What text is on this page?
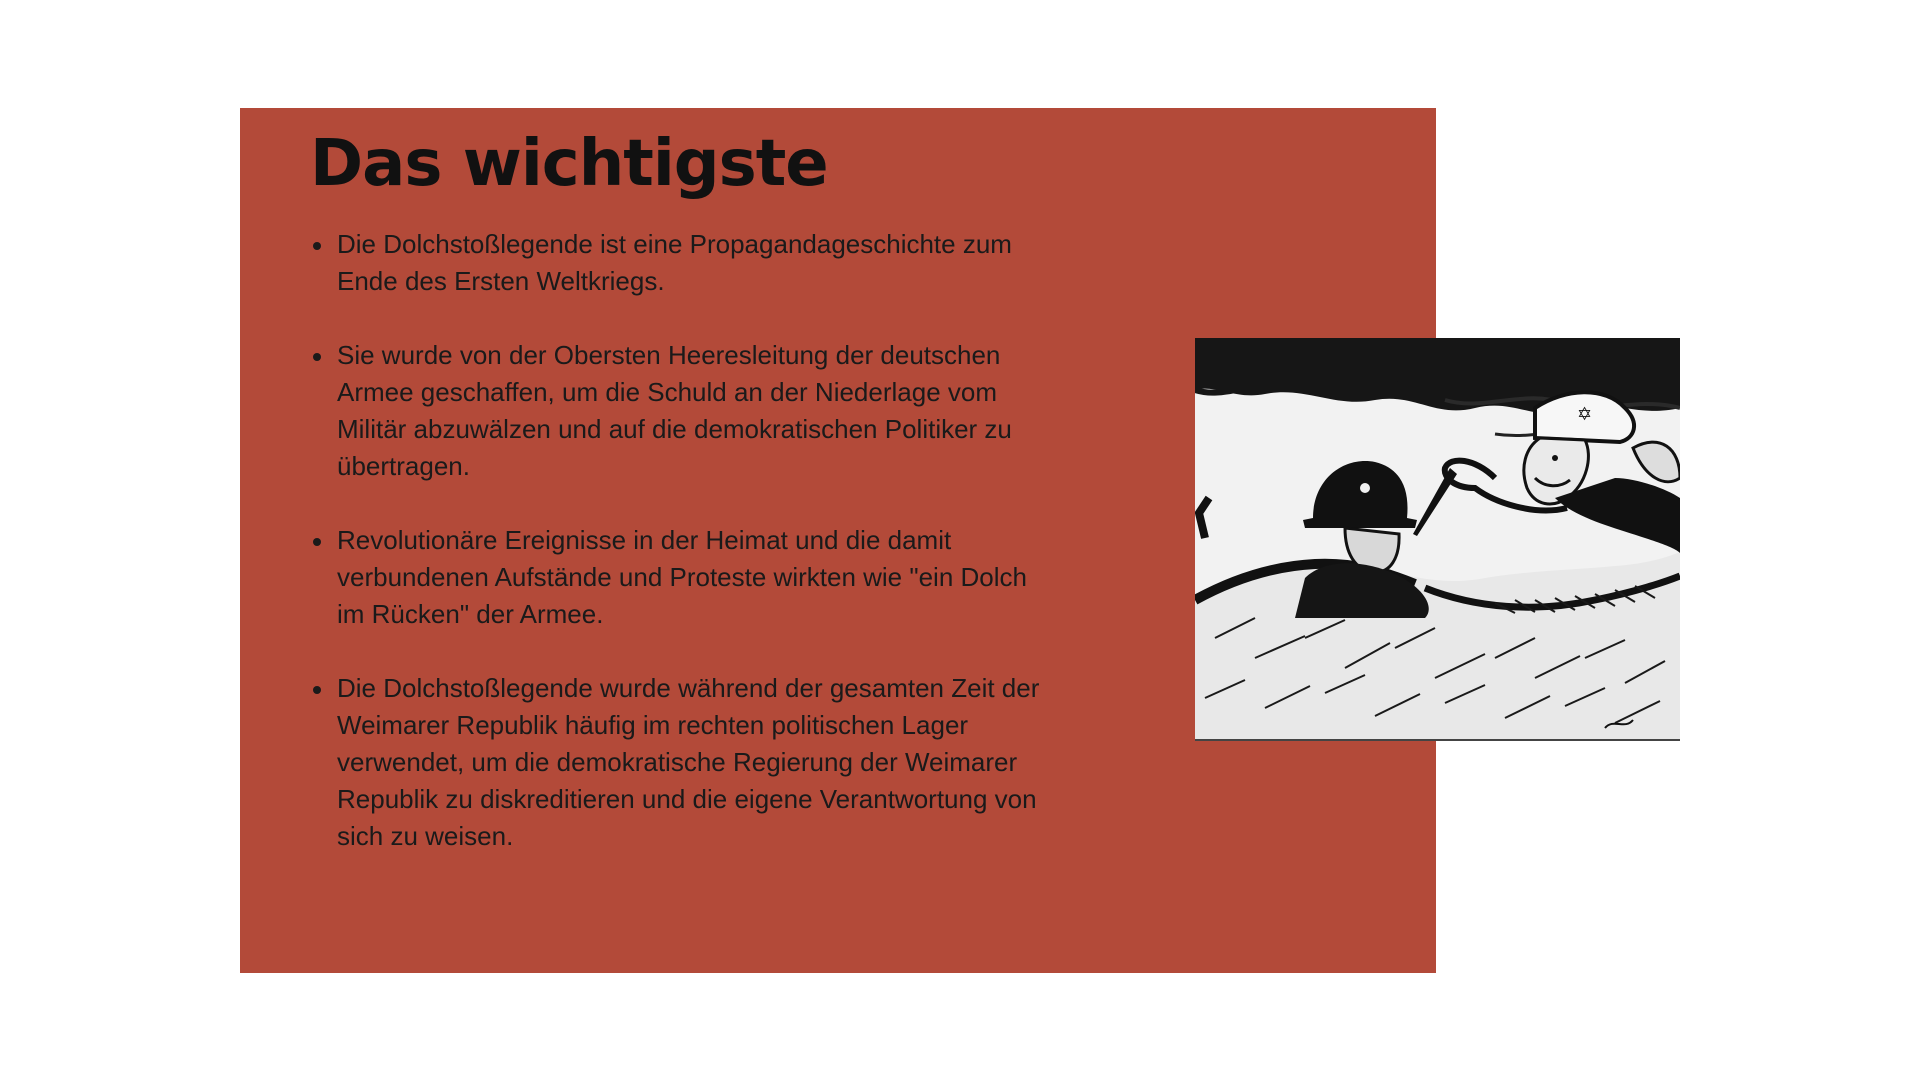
Das wichtigste
Die Dolchstoßlegende ist eine Propagandageschichte zum Ende des Ersten Weltkriegs.
Sie wurde von der Obersten Heeresleitung der deutschen Armee geschaffen, um die Schuld an der Niederlage vom Militär abzuwälzen und auf die demokratischen Politiker zu übertragen.
Revolutionäre Ereignisse in der Heimat und die damit verbundenen Aufstände und Proteste wirkten wie "ein Dolch im Rücken" der Armee.
Die Dolchstoßlegende wurde während der gesamten Zeit der Weimarer Republik häufig im rechten politischen Lager verwendet, um die demokratische Regierung der Weimarer Republik zu diskreditieren und die eigene Verantwortung von sich zu weisen.
✡
